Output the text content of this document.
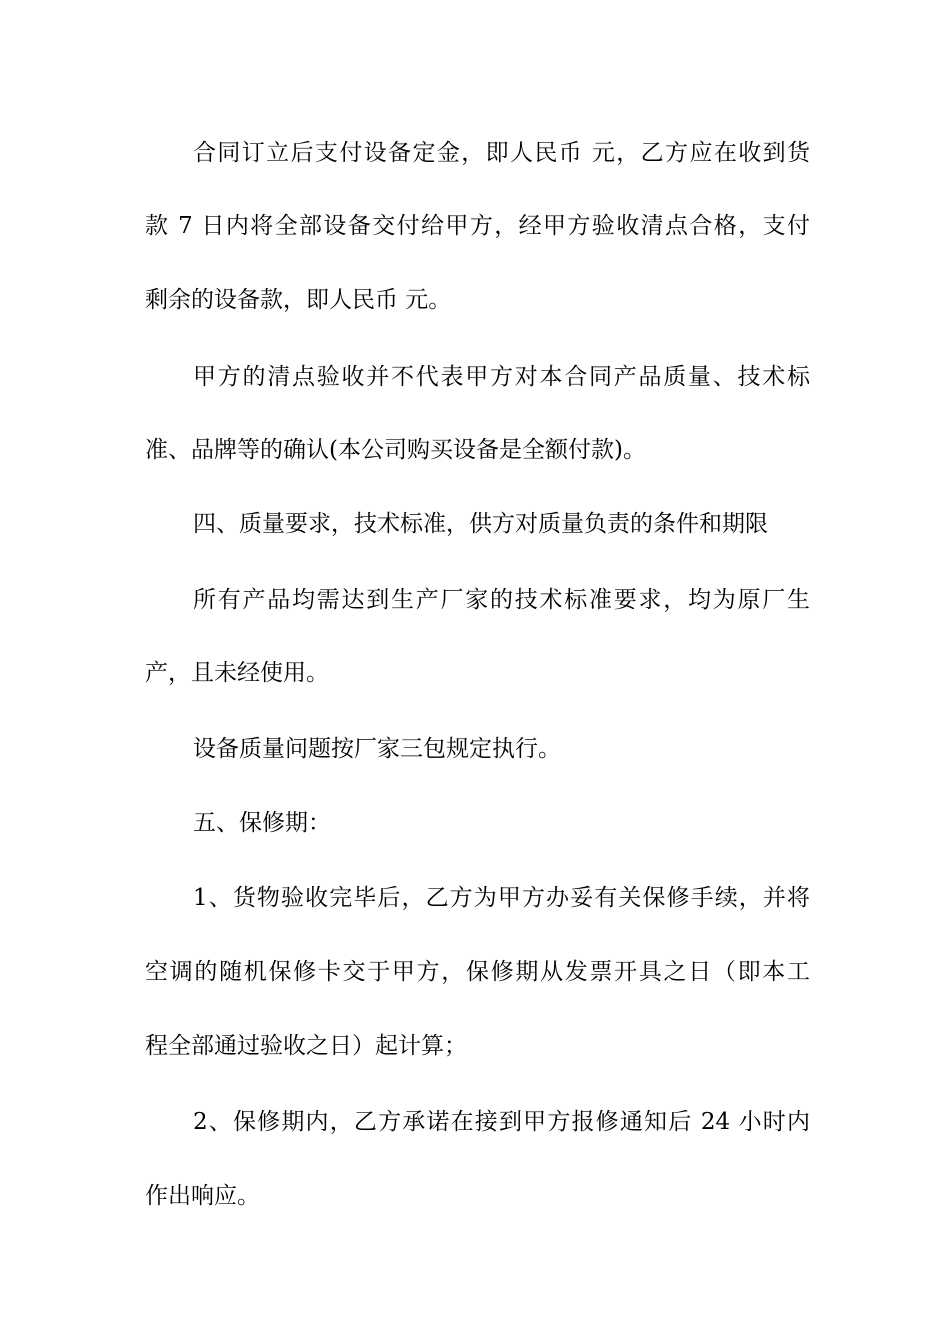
合同订立后支付设备定金，即人民币 元，乙方应在收到货
款 7 日内将全部设备交付给甲方，经甲方验收清点合格，支付
剩余的设备款，即人民币 元。
甲方的清点验收并不代表甲方对本合同产品质量、技术标
准、品牌等的确认(本公司购买设备是全额付款)。
四、质量要求，技术标准，供方对质量负责的条件和期限
所有产品均需达到生产厂家的技术标准要求，均为原厂生
产，且未经使用。
设备质量问题按厂家三包规定执行。
五、保修期：
1、货物验收完毕后，乙方为甲方办妥有关保修手续，并将
空调的随机保修卡交于甲方，保修期从发票开具之日（即本工
程全部通过验收之日）起计算；
2、保修期内，乙方承诺在接到甲方报修通知后 24 小时内
作出响应。
